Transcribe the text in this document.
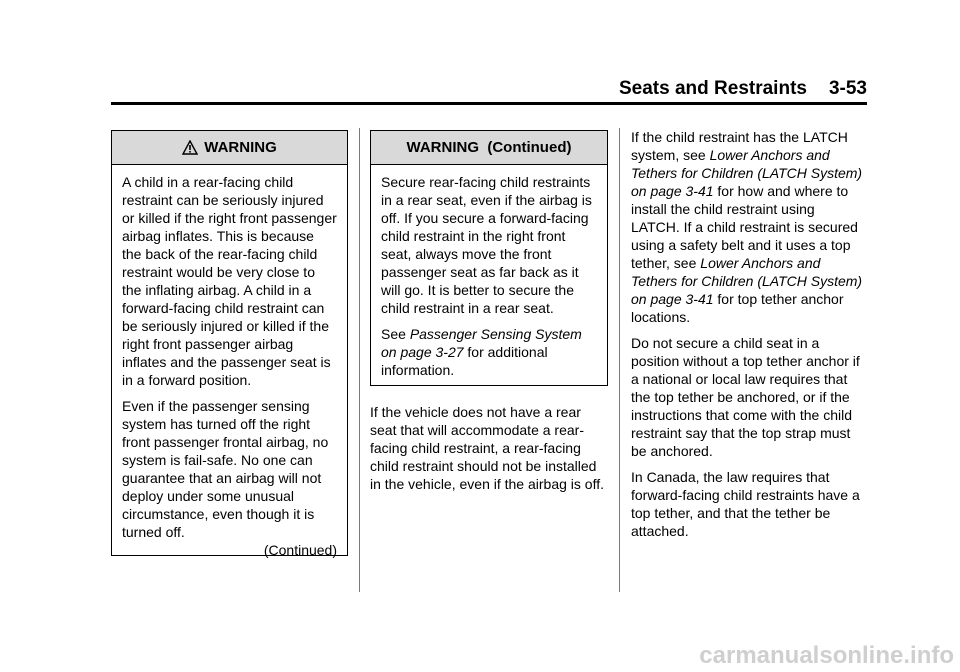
Seats and Restraints 3-53
WARNING

A child in a rear-facing child restraint can be seriously injured or killed if the right front passenger airbag inflates. This is because the back of the rear-facing child restraint would be very close to the inflating airbag. A child in a forward-facing child restraint can be seriously injured or killed if the right front passenger airbag inflates and the passenger seat is in a forward position.

Even if the passenger sensing system has turned off the right front passenger frontal airbag, no system is fail-safe. No one can guarantee that an airbag will not deploy under some unusual circumstance, even though it is turned off.

(Continued)
WARNING  (Continued)

Secure rear-facing child restraints in a rear seat, even if the airbag is off. If you secure a forward-facing child restraint in the right front seat, always move the front passenger seat as far back as it will go. It is better to secure the child restraint in a rear seat.

See Passenger Sensing System on page 3-27 for additional information.

If the vehicle does not have a rear seat that will accommodate a rear-facing child restraint, a rear-facing child restraint should not be installed in the vehicle, even if the airbag is off.

If the child restraint has the LATCH system, see Lower Anchors and Tethers for Children (LATCH System) on page 3-41 for how and where to install the child restraint using LATCH. If a child restraint is secured using a safety belt and it uses a top tether, see Lower Anchors and Tethers for Children (LATCH System) on page 3-41 for top tether anchor locations.

Do not secure a child seat in a position without a top tether anchor if a national or local law requires that the top tether be anchored, or if the instructions that come with the child restraint say that the top strap must be anchored.

In Canada, the law requires that forward-facing child restraints have a top tether, and that the tether be attached.

carmanualsonline.info
